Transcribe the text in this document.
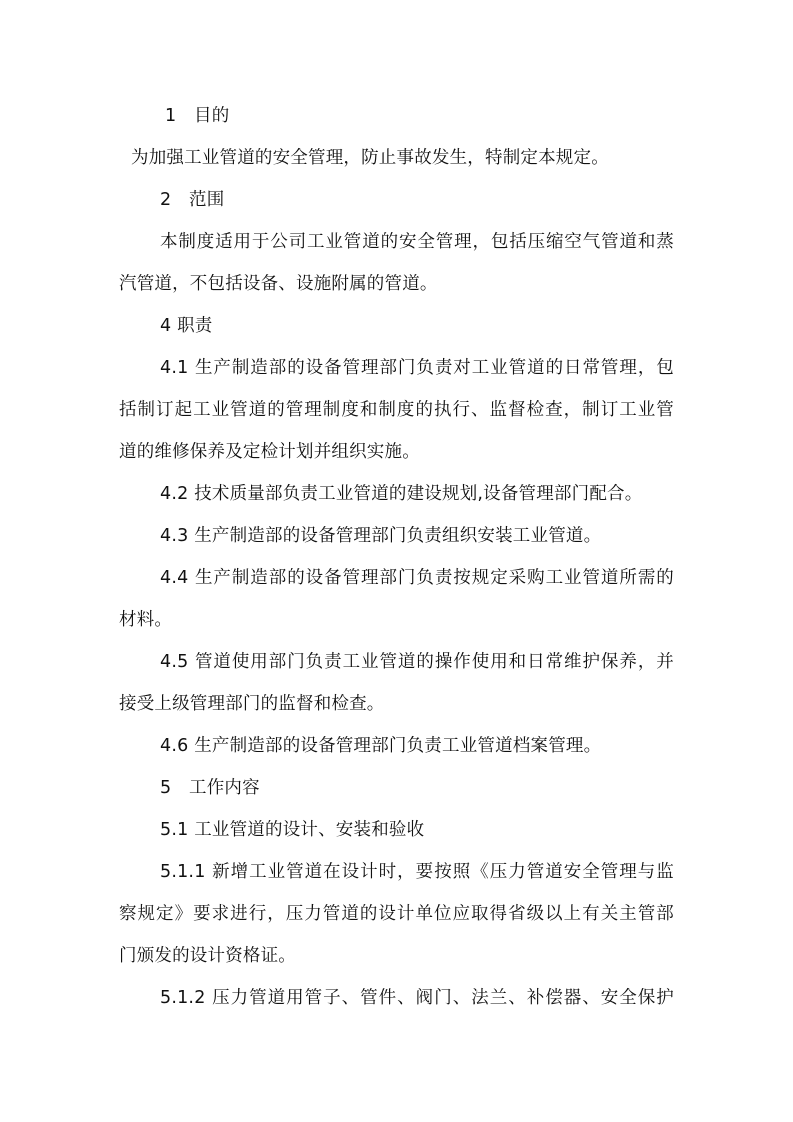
1　目的
为加强工业管道的安全管理，防止事故发生，特制定本规定。
2　范围
本制度适用于公司工业管道的安全管理，包括压缩空气管道和蒸
汽管道，不包括设备、设施附属的管道。
4 职责
4.1 生产制造部的设备管理部门负责对工业管道的日常管理，包
括制订起工业管道的管理制度和制度的执行、监督检查，制订工业管
道的维修保养及定检计划并组织实施。
4.2 技术质量部负责工业管道的建设规划,设备管理部门配合。
4.3 生产制造部的设备管理部门负责组织安装工业管道。
4.4 生产制造部的设备管理部门负责按规定采购工业管道所需的
材料。
4.5 管道使用部门负责工业管道的操作使用和日常维护保养，并
接受上级管理部门的监督和检查。
4.6 生产制造部的设备管理部门负责工业管道档案管理。
5　工作内容
5.1 工业管道的设计、安装和验收
5.1.1 新增工业管道在设计时，要按照《压力管道安全管理与监
察规定》要求进行，压力管道的设计单位应取得省级以上有关主管部
门颁发的设计资格证。
5.1.2 压力管道用管子、管件、阀门、法兰、补偿器、安全保护
